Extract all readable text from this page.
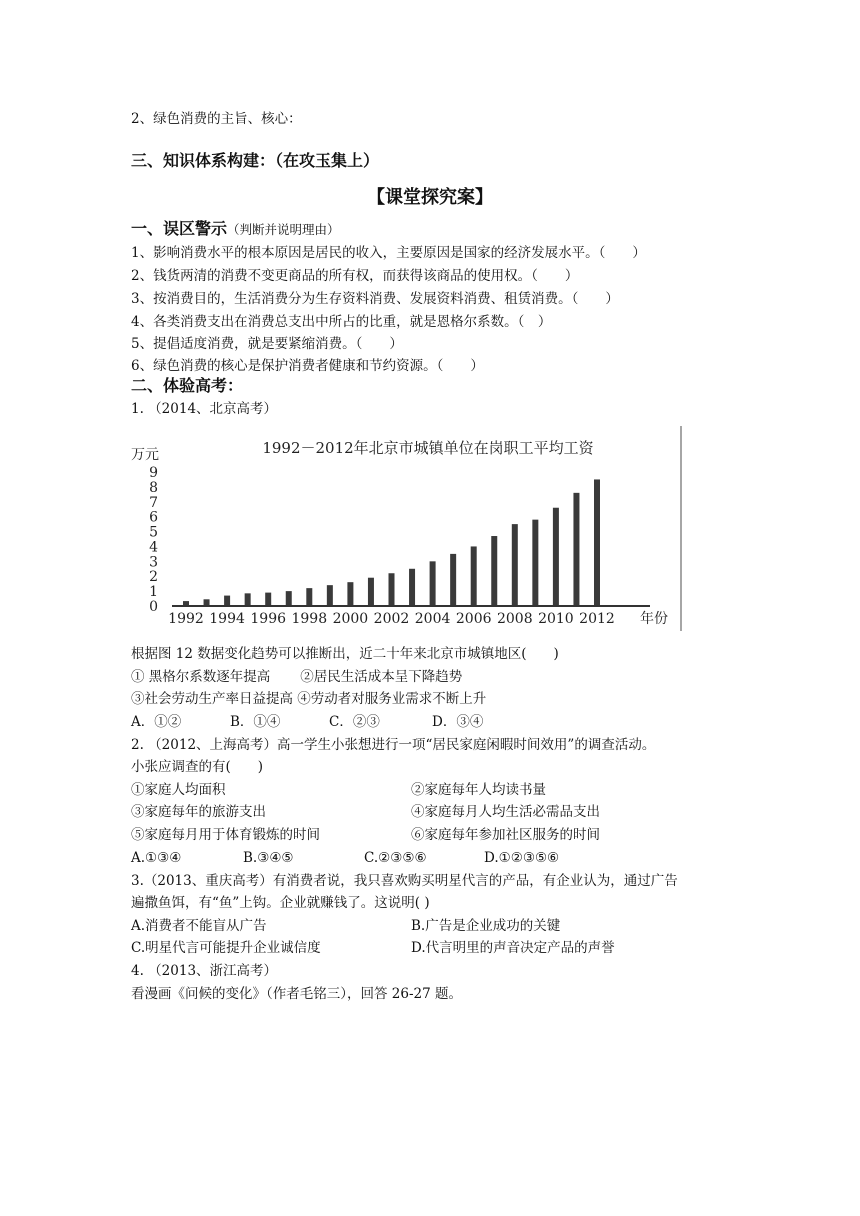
2、绿色消费的主旨、核心：
三、知识体系构建：（在攻玉集上）
【课堂探究案】
一、误区警示（判断并说明理由）
1、影响消费水平的根本原因是居民的收入，主要原因是国家的经济发展水平。（　　）
2、钱货两清的消费不变更商品的所有权，而获得该商品的使用权。（　　）
3、按消费目的，生活消费分为生存资料消费、发展资料消费、租赁消费。（　　）
4、各类消费支出在消费总支出中所占的比重，就是恩格尔系数。（　）
5、提倡适度消费，就是要紧缩消费。（　　）
6、绿色消费的核心是保护消费者健康和节约资源。（　　）
二、体验高考：
1. （2014、北京高考）
1992－2012年北京市城镇单位在岗职工平均工资
万元
0
1
2
3
4
5
6
7
8
9
1992 1994 1996 1998 2000 2002 2004 2006 2008 2010 2012 年份
根据图 12 数据变化趋势可以推断出，近二十年来北京市城镇地区(　　)
① 黑格尔系数逐年提高 ②居民生活成本呈下降趋势
③社会劳动生产率日益提高 ④劳动者对服务业需求不断上升
A．①②	B．①④	C．②③	D．③④
2. （2012、上海高考）高一学生小张想进行一项“居民家庭闲暇时间效用”的调查活动。
小张应调查的有(　　)
①家庭人均面积	②家庭每年人均读书量
③家庭每年的旅游支出	④家庭每月人均生活必需品支出
⑤家庭每月用于体育锻炼的时间	⑥家庭每年参加社区服务的时间
A.①③④	B.③④⑤	C.②③⑤⑥	D.①②③⑤⑥
3.（2013、重庆高考）有消费者说，我只喜欢购买明星代言的产品，有企业认为，通过广告
遍撒鱼饵，有“鱼”上钩。企业就赚钱了。这说明( )
A.消费者不能盲从广告	B.广告是企业成功的关键
C.明星代言可能提升企业诚信度	D.代言明里的声音决定产品的声誉
4. （2013、浙江高考）
看漫画《问候的变化》（作者毛铭三），回答 26-27 题。
